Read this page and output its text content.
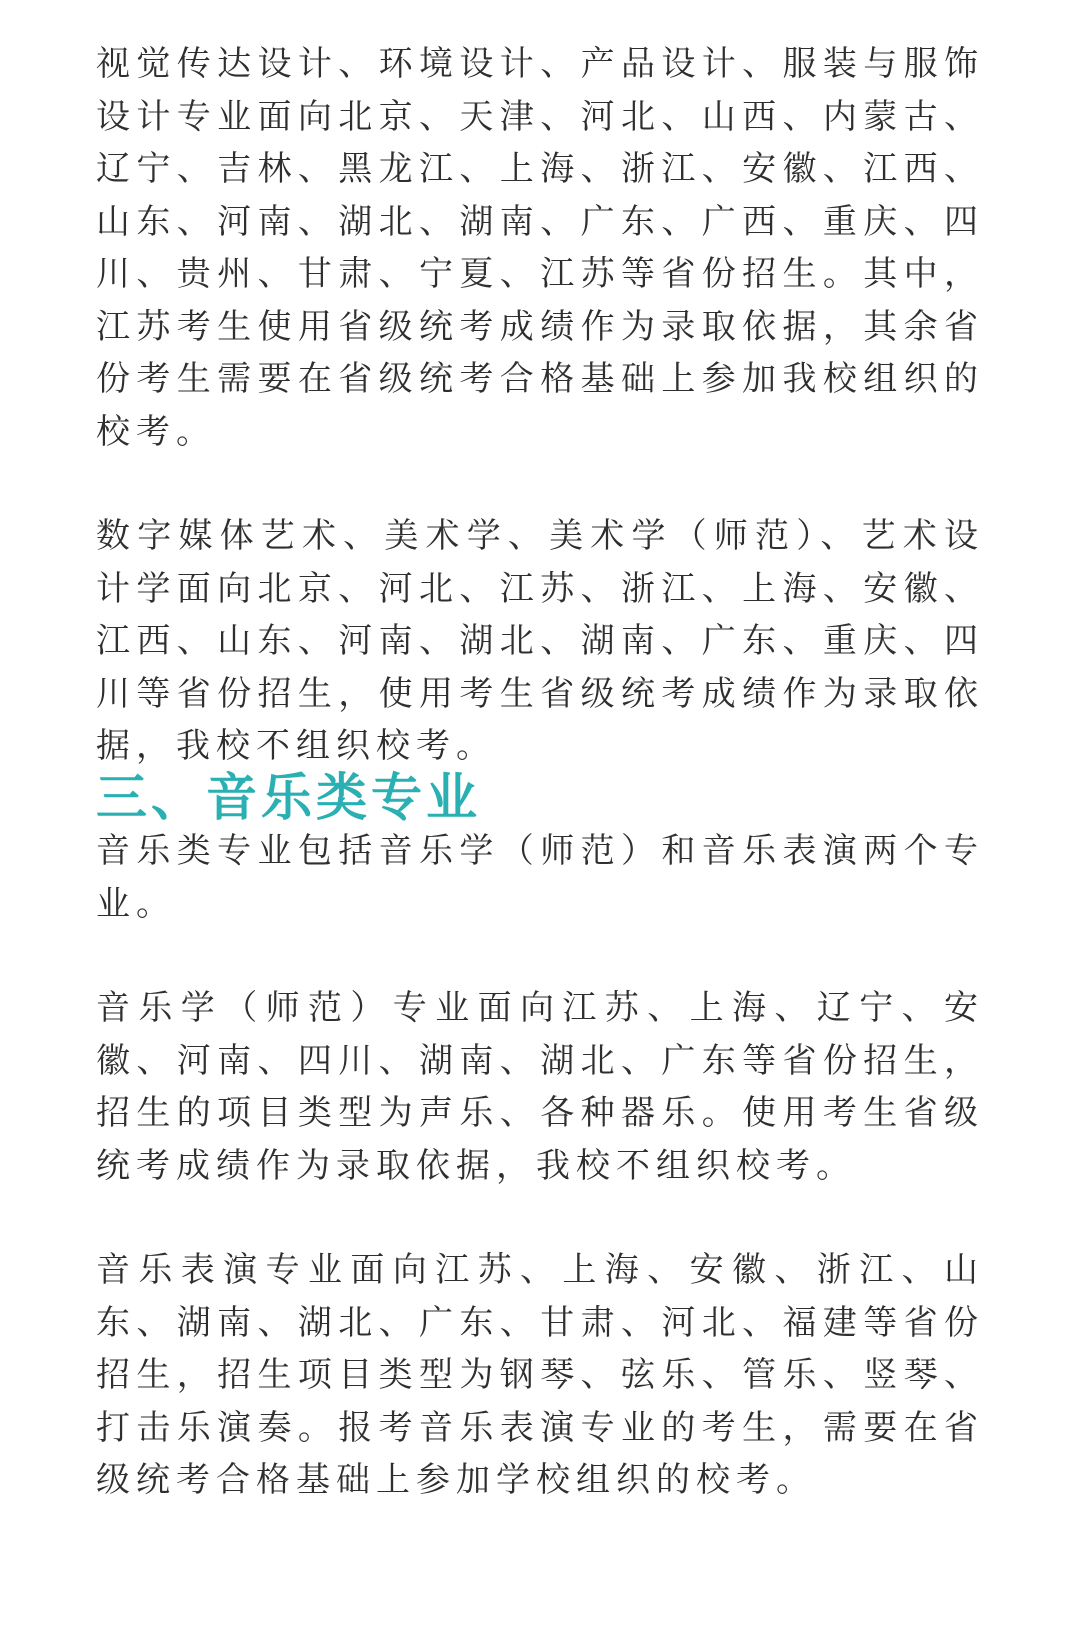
视觉传达设计、环境设计、产品设计、服装与服饰设计专业面向北京、天津、河北、山西、内蒙古、辽宁、吉林、黑龙江、上海、浙江、安徽、江西、山东、河南、湖北、湖南、广东、广西、重庆、四川、贵州、甘肃、宁夏、江苏等省份招生。其中，江苏考生使用省级统考成绩作为录取依据，其余省份考生需要在省级统考合格基础上参加我校组织的校考。

数字媒体艺术、美术学、美术学（师范）、艺术设计学面向北京、河北、江苏、浙江、上海、安徽、江西、山东、河南、湖北、湖南、广东、重庆、四川等省份招生，使用考生省级统考成绩作为录取依据，我校不组织校考。

三、音乐类专业

音乐类专业包括音乐学（师范）和音乐表演两个专业。

音乐学（师范）专业面向江苏、上海、辽宁、安徽、河南、四川、湖南、湖北、广东等省份招生，招生的项目类型为声乐、各种器乐。使用考生省级统考成绩作为录取依据，我校不组织校考。

音乐表演专业面向江苏、上海、安徽、浙江、山东、湖南、湖北、广东、甘肃、河北、福建等省份招生，招生项目类型为钢琴、弦乐、管乐、竖琴、打击乐演奏。报考音乐表演专业的考生，需要在省级统考合格基础上参加学校组织的校考。
